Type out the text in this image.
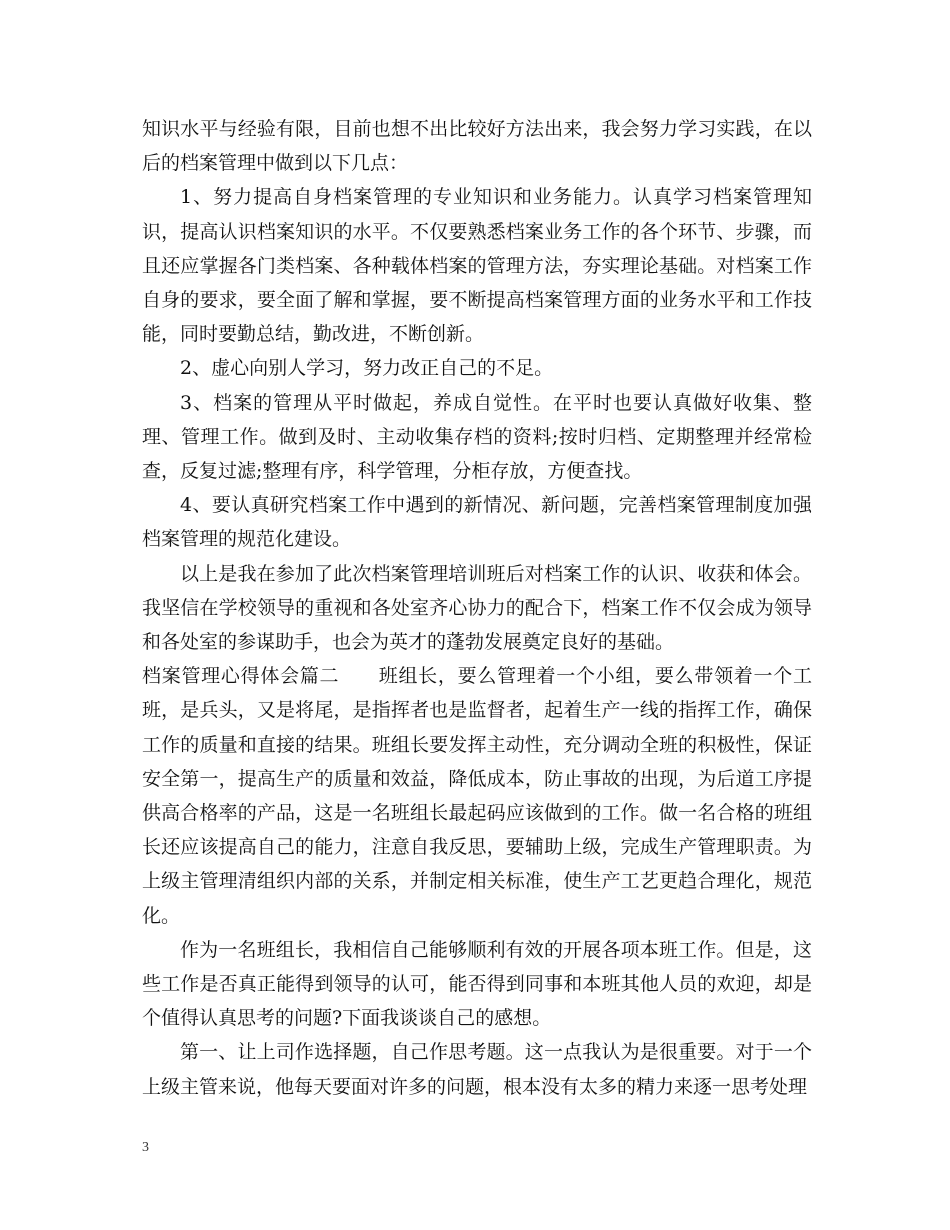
知识水平与经验有限，目前也想不出比较好方法出来，我会努力学习实践，在以后的档案管理中做到以下几点：

1、努力提高自身档案管理的专业知识和业务能力。认真学习档案管理知识，提高认识档案知识的水平。不仅要熟悉档案业务工作的各个环节、步骤，而且还应掌握各门类档案、各种载体档案的管理方法，夯实理论基础。对档案工作自身的要求，要全面了解和掌握，要不断提高档案管理方面的业务水平和工作技能，同时要勤总结，勤改进，不断创新。

2、虚心向别人学习，努力改正自己的不足。

3、档案的管理从平时做起，养成自觉性。在平时也要认真做好收集、整理、管理工作。做到及时、主动收集存档的资料;按时归档、定期整理并经常检查，反复过滤;整理有序，科学管理，分柜存放，方便查找。

4、要认真研究档案工作中遇到的新情况、新问题，完善档案管理制度加强档案管理的规范化建设。

以上是我在参加了此次档案管理培训班后对档案工作的认识、收获和体会。我坚信在学校领导的重视和各处室齐心协力的配合下，档案工作不仅会成为领导和各处室的参谋助手，也会为英才的蓬勃发展奠定良好的基础。

档案管理心得体会篇二　　班组长，要么管理着一个小组，要么带领着一个工班，是兵头，又是将尾，是指挥者也是监督者，起着生产一线的指挥工作，确保工作的质量和直接的结果。班组长要发挥主动性，充分调动全班的积极性，保证安全第一，提高生产的质量和效益，降低成本，防止事故的出现，为后道工序提供高合格率的产品，这是一名班组长最起码应该做到的工作。做一名合格的班组长还应该提高自己的能力，注意自我反思，要辅助上级，完成生产管理职责。为上级主管理清组织内部的关系，并制定相关标准，使生产工艺更趋合理化，规范化。

作为一名班组长，我相信自己能够顺利有效的开展各项本班工作。但是，这些工作是否真正能得到领导的认可，能否得到同事和本班其他人员的欢迎，却是个值得认真思考的问题?下面我谈谈自己的感想。

第一、让上司作选择题，自己作思考题。这一点我认为是很重要。对于一个上级主管来说，他每天要面对许多的问题，根本没有太多的精力来逐一思考处理

3
